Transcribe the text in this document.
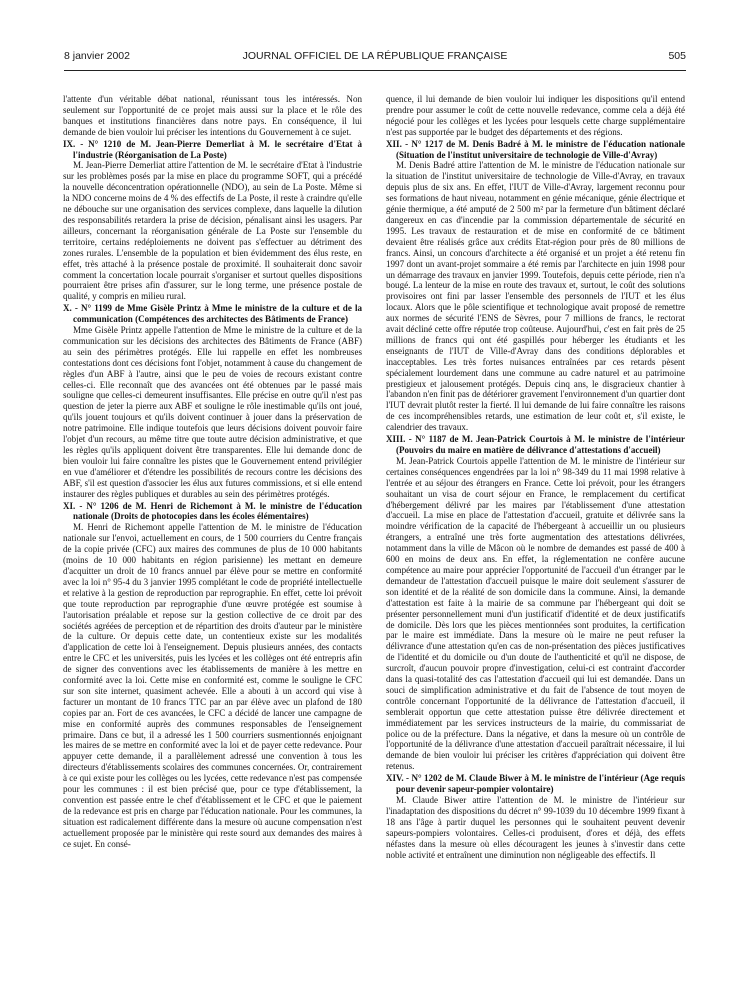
8 janvier 2002	JOURNAL OFFICIEL DE LA RÉPUBLIQUE FRANÇAISE	505

l'attente d'un véritable débat national, réunissant tous les intéressés. Non seulement sur l'opportunité de ce projet mais aussi sur la place et le rôle des banques et institutions financières dans notre pays. En conséquence, il lui demande de bien vouloir lui préciser les intentions du Gouvernement à ce sujet.

IX. - N° 1210 de M. Jean-Pierre Demerliat à M. le secrétaire d'Etat à l'industrie (Réorganisation de La Poste)

M. Jean-Pierre Demerliat attire l'attention de M. le secrétaire d'Etat à l'industrie sur les problèmes posés par la mise en place du programme SOFT, qui a précédé la nouvelle déconcentration opérationnelle (NDO), au sein de La Poste. Même si la NDO concerne moins de 4 % des effectifs de La Poste, il reste à craindre qu'elle ne débouche sur une organisation des services complexe, dans laquelle la dilution des responsabilités retardera la prise de décision, pénalisant ainsi les usagers. Par ailleurs, concernant la réorganisation générale de La Poste sur l'ensemble du territoire, certains redéploiements ne doivent pas s'effectuer au détriment des zones rurales. L'ensemble de la population et bien évidemment des élus reste, en effet, très attaché à la présence postale de proximité. Il souhaiterait donc savoir comment la concertation locale pourrait s'organiser et surtout quelles dispositions pourraient être prises afin d'assurer, sur le long terme, une présence postale de qualité, y compris en milieu rural.

X. - N° 1199 de Mme Gisèle Printz à Mme le ministre de la culture et de la communication (Compétences des architectes des Bâtiments de France)

Mme Gisèle Printz appelle l'attention de Mme le ministre de la culture et de la communication sur les décisions des architectes des Bâtiments de France (ABF) au sein des périmètres protégés. Elle lui rappelle en effet les nombreuses contestations dont ces décisions font l'objet, notamment à cause du changement de règles d'un ABF à l'autre, ainsi que le peu de voies de recours existant contre celles-ci. Elle reconnaît que des avancées ont été obtenues par le passé mais souligne que celles-ci demeurent insuffisantes. Elle précise en outre qu'il n'est pas question de jeter la pierre aux ABF et souligne le rôle inestimable qu'ils ont joué, qu'ils jouent toujours et qu'ils doivent continuer à jouer dans la préservation de notre patrimoine. Elle indique toutefois que leurs décisions doivent pouvoir faire l'objet d'un recours, au même titre que toute autre décision administrative, et que les règles qu'ils appliquent doivent être transparentes. Elle lui demande donc de bien vouloir lui faire connaître les pistes que le Gouvernement entend privilégier en vue d'améliorer et d'étendre les possibilités de recours contre les décisions des ABF, s'il est question d'associer les élus aux futures commissions, et si elle entend instaurer des règles publiques et durables au sein des périmètres protégés.

XI. - N° 1206 de M. Henri de Richemont à M. le ministre de l'éducation nationale (Droits de photocopies dans les écoles élémentaires)

M. Henri de Richemont appelle l'attention de M. le ministre de l'éducation nationale sur l'envoi, actuellement en cours, de 1 500 courriers du Centre français de la copie privée (CFC) aux maires des communes de plus de 10 000 habitants (moins de 10 000 habitants en région parisienne) les mettant en demeure d'acquitter un droit de 10 francs annuel par élève pour se mettre en conformité avec la loi n° 95-4 du 3 janvier 1995 complétant le code de propriété intellectuelle et relative à la gestion de reproduction par reprographie. En effet, cette loi prévoit que toute reproduction par reprographie d'une œuvre protégée est soumise à l'autorisation préalable et repose sur la gestion collective de ce droit par des sociétés agréées de perception et de répartition des droits d'auteur par le ministère de la culture. Or depuis cette date, un contentieux existe sur les modalités d'application de cette loi à l'enseignement. Depuis plusieurs années, des contacts entre le CFC et les universités, puis les lycées et les collèges ont été entrepris afin de signer des conventions avec les établissements de manière à les mettre en conformité avec la loi. Cette mise en conformité est, comme le souligne le CFC sur son site internet, quasiment achevée. Elle a abouti à un accord qui vise à facturer un montant de 10 francs TTC par an par élève avec un plafond de 180 copies par an. Fort de ces avancées, le CFC a décidé de lancer une campagne de mise en conformité auprès des communes responsables de l'enseignement primaire. Dans ce but, il a adressé les 1 500 courriers susmentionnés enjoignant les maires de se mettre en conformité avec la loi et de payer cette redevance. Pour appuyer cette demande, il a parallèlement adressé une convention à tous les directeurs d'établissements scolaires des communes concernées. Or, contrairement à ce qui existe pour les collèges ou les lycées, cette redevance n'est pas compensée pour les communes : il est bien précisé que, pour ce type d'établissement, la convention est passée entre le chef d'établissement et le CFC et que le paiement de la redevance est pris en charge par l'éducation nationale. Pour les communes, la situation est radicalement différente dans la mesure où aucune compensation n'est actuellement proposée par le ministère qui reste sourd aux demandes des maires à ce sujet. En consé-

quence, il lui demande de bien vouloir lui indiquer les dispositions qu'il entend prendre pour assumer le coût de cette nouvelle redevance, comme cela a déjà été négocié pour les collèges et les lycées pour lesquels cette charge supplémentaire n'est pas supportée par le budget des départements et des régions.

XII. - N° 1217 de M. Denis Badré à M. le ministre de l'éducation nationale (Situation de l'institut universitaire de technologie de Ville-d'Avray)

M. Denis Badré attire l'attention de M. le ministre de l'éducation nationale sur la situation de l'institut universitaire de technologie de Ville-d'Avray, en travaux depuis plus de six ans. En effet, l'IUT de Ville-d'Avray, largement reconnu pour ses formations de haut niveau, notamment en génie mécanique, génie électrique et génie thermique, a été amputé de 2 500 m² par la fermeture d'un bâtiment déclaré dangereux en cas d'incendie par la commission départementale de sécurité en 1995. Les travaux de restauration et de mise en conformité de ce bâtiment devaient être réalisés grâce aux crédits Etat-région pour près de 80 millions de francs. Ainsi, un concours d'architecte a été organisé et un projet a été retenu fin 1997 dont un avant-projet sommaire a été remis par l'architecte en juin 1998 pour un démarrage des travaux en janvier 1999. Toutefois, depuis cette période, rien n'a bougé. La lenteur de la mise en route des travaux et, surtout, le coût des solutions provisoires ont fini par lasser l'ensemble des personnels de l'IUT et les élus locaux. Alors que le pôle scientifique et technologique avait proposé de remettre aux normes de sécurité l'ENS de Sèvres, pour 7 millions de francs, le rectorat avait décliné cette offre réputée trop coûteuse. Aujourd'hui, c'est en fait près de 25 millions de francs qui ont été gaspillés pour héberger les étudiants et les enseignants de l'IUT de Ville-d'Avray dans des conditions déplorables et inacceptables. Les très fortes nuisances entraînées par ces retards pèsent spécialement lourdement dans une commune au cadre naturel et au patrimoine prestigieux et jalousement protégés. Depuis cinq ans, le disgracieux chantier à l'abandon n'en finit pas de détériorer gravement l'environnement d'un quartier dont l'IUT devrait plutôt rester la fierté. Il lui demande de lui faire connaître les raisons de ces incompréhensibles retards, une estimation de leur coût et, s'il existe, le calendrier des travaux.

XIII. - N° 1187 de M. Jean-Patrick Courtois à M. le ministre de l'intérieur (Pouvoirs du maire en matière de délivrance d'attestations d'accueil)

M. Jean-Patrick Courtois appelle l'attention de M. le ministre de l'intérieur sur certaines conséquences engendrées par la loi n° 98-349 du 11 mai 1998 relative à l'entrée et au séjour des étrangers en France. Cette loi prévoit, pour les étrangers souhaitant un visa de court séjour en France, le remplacement du certificat d'hébergement délivré par les maires par l'établissement d'une attestation d'accueil. La mise en place de l'attestation d'accueil, gratuite et délivrée sans la moindre vérification de la capacité de l'hébergeant à accueillir un ou plusieurs étrangers, a entraîné une très forte augmentation des attestations délivrées, notamment dans la ville de Mâcon où le nombre de demandes est passé de 400 à 600 en moins de deux ans. En effet, la réglementation ne confère aucune compétence au maire pour apprécier l'opportunité de l'accueil d'un étranger par le demandeur de l'attestation d'accueil puisque le maire doit seulement s'assurer de son identité et de la réalité de son domicile dans la commune. Ainsi, la demande d'attestation est faite à la mairie de sa commune par l'hébergeant qui doit se présenter personnellement muni d'un justificatif d'identité et de deux justificatifs de domicile. Dès lors que les pièces mentionnées sont produites, la certification par le maire est immédiate. Dans la mesure où le maire ne peut refuser la délivrance d'une attestation qu'en cas de non-présentation des pièces justificatives de l'identité et du domicile ou d'un doute de l'authenticité et qu'il ne dispose, de surcroît, d'aucun pouvoir propre d'investigation, celui-ci est contraint d'accorder dans la quasi-totalité des cas l'attestation d'accueil qui lui est demandée. Dans un souci de simplification administrative et du fait de l'absence de tout moyen de contrôle concernant l'opportunité de la délivrance de l'attestation d'accueil, il semblerait opportun que cette attestation puisse être délivrée directement et immédiatement par les services instructeurs de la mairie, du commissariat de police ou de la préfecture. Dans la négative, et dans la mesure où un contrôle de l'opportunité de la délivrance d'une attestation d'accueil paraîtrait nécessaire, il lui demande de bien vouloir lui préciser les critères d'appréciation qui doivent être retenus.

XIV. - N° 1202 de M. Claude Biwer à M. le ministre de l'intérieur (Age requis pour devenir sapeur-pompier volontaire)

M. Claude Biwer attire l'attention de M. le ministre de l'intérieur sur l'inadaptation des dispositions du décret n° 99-1039 du 10 décembre 1999 fixant à 18 ans l'âge à partir duquel les personnes qui le souhaitent peuvent devenir sapeurs-pompiers volontaires. Celles-ci produisent, d'ores et déjà, des effets néfastes dans la mesure où elles découragent les jeunes à s'investir dans cette noble activité et entraînent une diminution non négligeable des effectifs. Il
